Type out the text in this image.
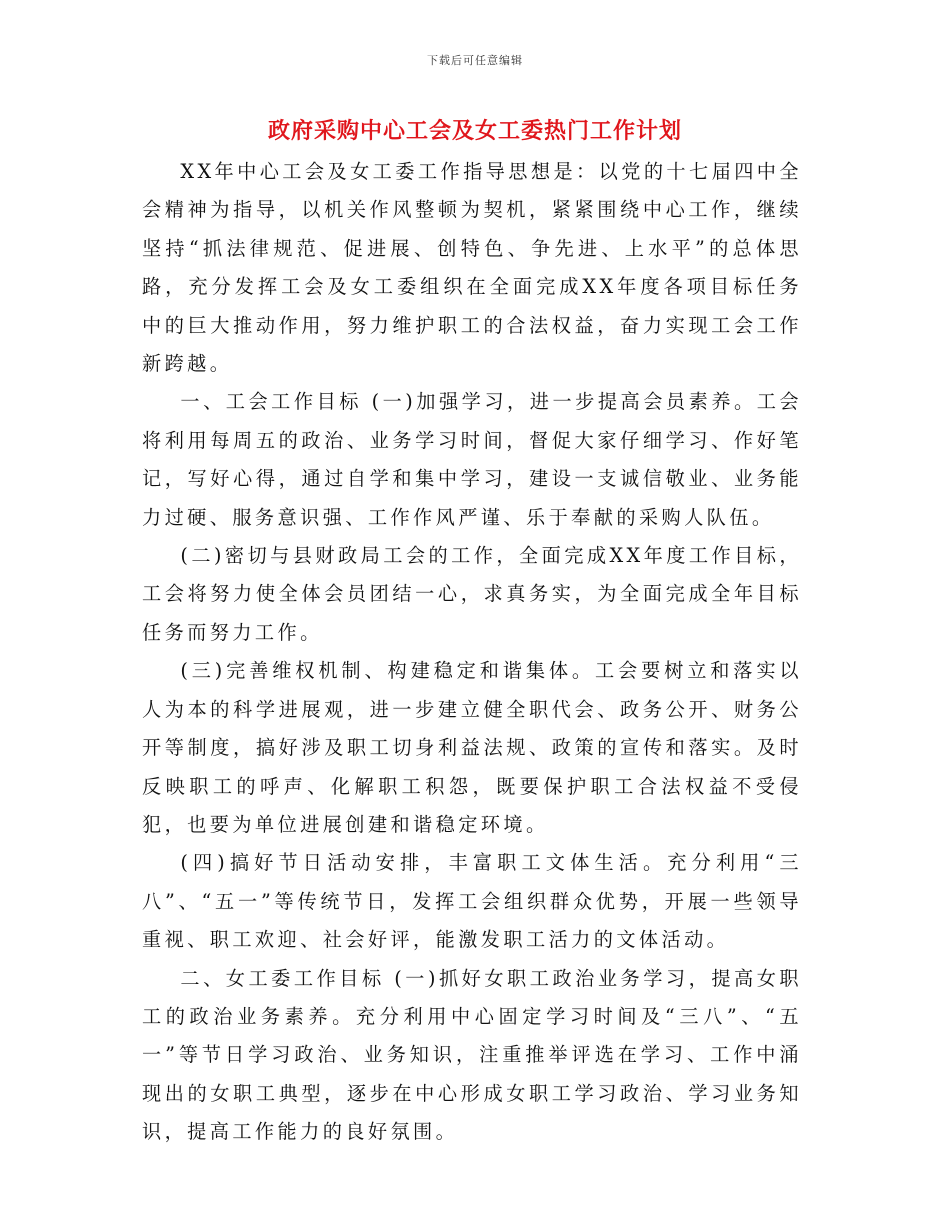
下载后可任意编辑
政府采购中心工会及女工委热门工作计划

XX年中心工会及女工委工作指导思想是：以党的十七届四中全会精神为指导，以机关作风整顿为契机，紧紧围绕中心工作，继续坚持“抓法律规范、促进展、创特色、争先进、上水平”的总体思路，充分发挥工会及女工委组织在全面完成XX年度各项目标任务中的巨大推动作用，努力维护职工的合法权益，奋力实现工会工作新跨越。

一、工会工作目标 (一)加强学习，进一步提高会员素养。工会将利用每周五的政治、业务学习时间，督促大家仔细学习、作好笔记，写好心得，通过自学和集中学习，建设一支诚信敬业、业务能力过硬、服务意识强、工作作风严谨、乐于奉献的采购人队伍。

(二)密切与县财政局工会的工作，全面完成XX年度工作目标，工会将努力使全体会员团结一心，求真务实，为全面完成全年目标任务而努力工作。

(三)完善维权机制、构建稳定和谐集体。工会要树立和落实以人为本的科学进展观，进一步建立健全职代会、政务公开、财务公开等制度，搞好涉及职工切身利益法规、政策的宣传和落实。及时反映职工的呼声、化解职工积怨，既要保护职工合法权益不受侵犯，也要为单位进展创建和谐稳定环境。

(四)搞好节日活动安排，丰富职工文体生活。充分利用“三八”、“五一”等传统节日，发挥工会组织群众优势，开展一些领导重视、职工欢迎、社会好评，能激发职工活力的文体活动。

二、女工委工作目标 (一)抓好女职工政治业务学习，提高女职工的政治业务素养。充分利用中心固定学习时间及“三八”、“五一”等节日学习政治、业务知识，注重推举评选在学习、工作中涌现出的女职工典型，逐步在中心形成女职工学习政治、学习业务知识，提高工作能力的良好氛围。
